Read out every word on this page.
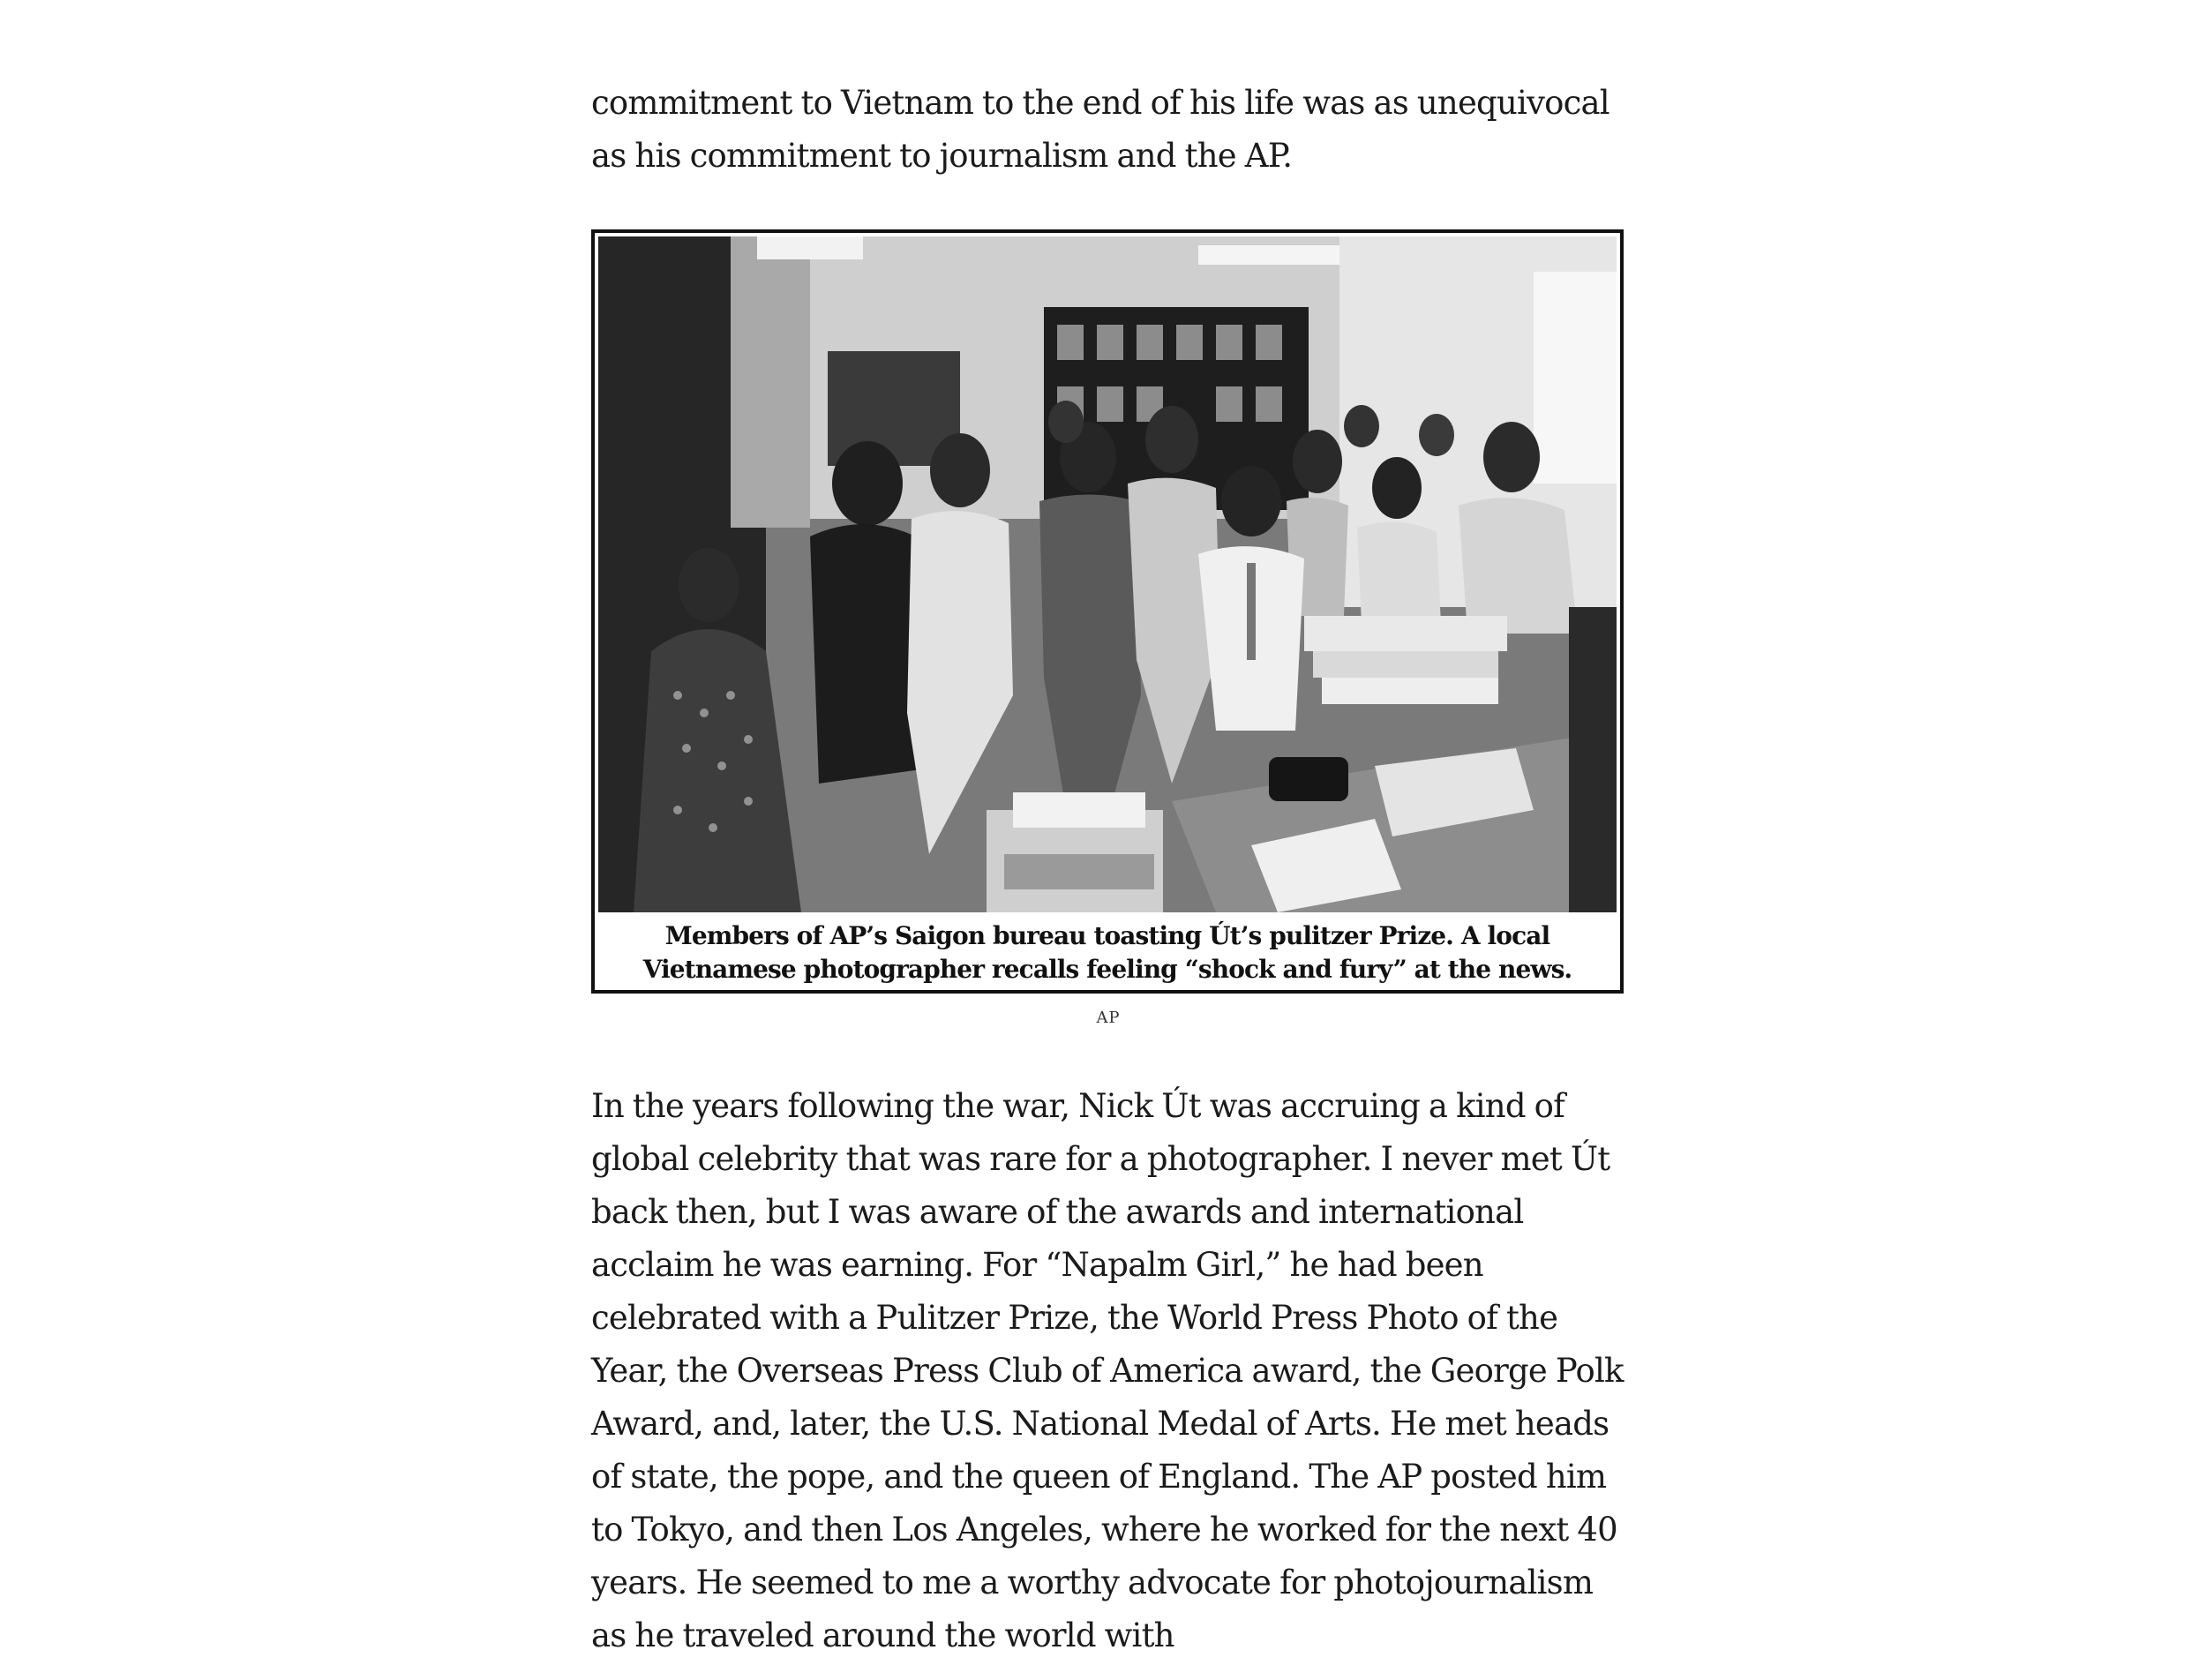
commitment to Vietnam to the end of his life was as unequivocal as his commitment to journalism and the AP.

Members of AP’s Saigon bureau toasting Út’s pulitzer Prize. A local Vietnamese photographer recalls feeling “shock and fury” at the news.
AP

In the years following the war, Nick Út was accruing a kind of global celebrity that was rare for a photographer. I never met Út back then, but I was aware of the awards and international acclaim he was earning. For “Napalm Girl,” he had been celebrated with a Pulitzer Prize, the World Press Photo of the Year, the Overseas Press Club of America award, the George Polk Award, and, later, the U.S. National Medal of Arts. He met heads of state, the pope, and the queen of England. The AP posted him to Tokyo, and then Los Angeles, where he worked for the next 40 years. He seemed to me a worthy advocate for photojournalism as he traveled around the world with
